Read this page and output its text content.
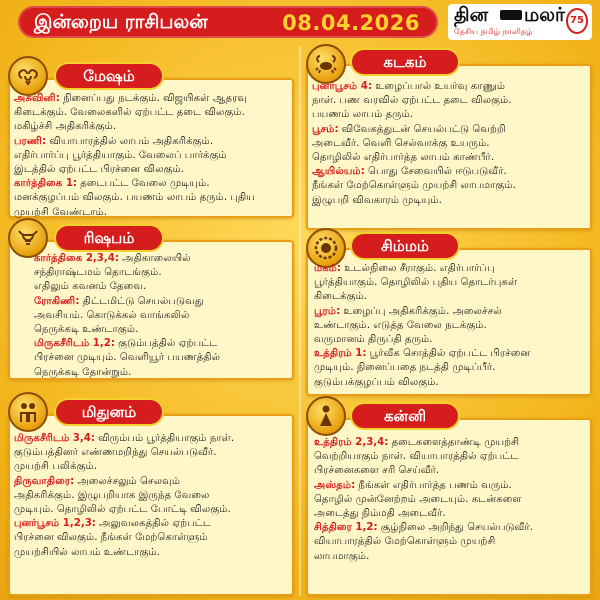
இன்றைய ராசிபலன்	08.04.2026 தின மலர்
தேசிய தமிழ் நாளிதழ்
75
மேஷம்
அசுவினி: நினைப்பது நடக்கும். விஜயிகள் ஆதரவு
கிடைக்கும். வேலைகளில் ஏற்பட்ட தடை விலகும்.
மகிழ்ச்சி அதிகரிக்கும்.
பரணி: வியாபாரத்தில் லாபம் அதிகரிக்கும்.
எதிர்பார்ப்பு பூர்த்தியாகும். வேலைப் பார்க்கும்
இடத்தில் ஏற்பட்ட பிரச்னை விலகும்.
கார்த்திகை 1: தடைபட்ட வேலை முடியும்.
மனக்குழப்பம் விலகும். பயணம் லாபம் தரும். புதிய
முயற்சி வேண்டாம்.
ரிஷபம்
கார்த்திகை 2,3,4: அதிகாலையில்
சந்திராஷ்டமம் தொடங்கும்.
எதிலும் கவனம் தேவை.
ரோகிணி: திட்டமிட்டு செயல்படுவது
அவசியம். கொடுக்கல் வாங்கலில்
நெருக்கடி உண்டாகும்.
மிருகசீரிடம் 1,2: குடும்பத்தில் ஏற்பட்ட
பிரச்னை முடியும். வெளியூர் பயணத்தில்
நெருக்கடி தோன்றும்.
மிதுனம்
மிருகசீரிடம் 3,4: விரும்பம் பூர்த்தியாகும் நாள்.
குடும்பத்தினர் எண்ணமறிந்து செயல்படுவீர்.
முயற்சி பலிக்கும்.
திருவாதிரை: அலைச்சலும் செலவும்
அதிகரிக்கும். இழுபறியாக இருந்த வேலை
முடியும். தொழிலில் ஏற்பட்ட போட்டி விலகும்.
புனர்பூசம் 1,2,3: அலுவலகத்தில் ஏற்பட்ட
பிரச்னை விலகும். நீங்கள் மேற்கொள்ளும்
முயற்சியில் லாபம் உண்டாகும்.
கடகம்
புனர்பூசம் 4: உழைப்பால் உயர்வு காணும்
நாள். பண வரவில் ஏற்பட்ட தடை விலகும்.
பயணம் லாபம் தரும்.
பூசம்: விவேகத்துடன் செயல்பட்டு வெற்றி
அடைவீர். வெளி செல்வாக்கு உயரும்.
தொழிலில் எதிர்பார்த்த லாபம் காண்பீர்.
ஆயில்யம்: பொது சேவையில் ஈடுபடுவீர்.
நீங்கள் மேற்கொள்ளும் முயற்சி லாபமாகும்.
இழுபறி விவகாரம் முடியும்.
சிம்மம்
மகம்: உடல்நிலை சீராகும். எதிர்பார்ப்பு
பூர்த்தியாகும். தொழிலில் புதிய தொடர்புகள்
கிடைக்கும்.
பூரம்: உழைப்பு அதிகரிக்கும். அலைச்சல்
உண்டாகும். எடுத்த வேலை நடக்கும்.
வருமானம் திருப்தி தரும்.
உத்திரம் 1: பூர்வீக சொத்தில் ஏற்பட்ட பிரச்னை
முடியும். நினைப்பதை நடத்தி முடிப்பீர்.
குடும்பக்குழப்பம் விலகும்.
கன்னி
உத்திரம் 2,3,4: தடைகளைத்தாண்டி முயற்சி
வெற்றியாகும் நாள். வியாபாரத்தில் ஏற்பட்ட
பிரச்னைகளை சரி செய்வீர்.
அஸ்தம்: நீங்கள் எதிர்பார்த்த பணம் வரும்.
தொழில் முன்னேற்றம் அடையும். கடன்களை
அடைத்து நிம்மதி அடைவீர்.
சித்திரை 1,2: சூழ்நிலை அறிந்து செயல்படுவீர்.
வியாபாரத்தில் மேற்கொள்ளும் முயற்சி
லாபமாகும்.
